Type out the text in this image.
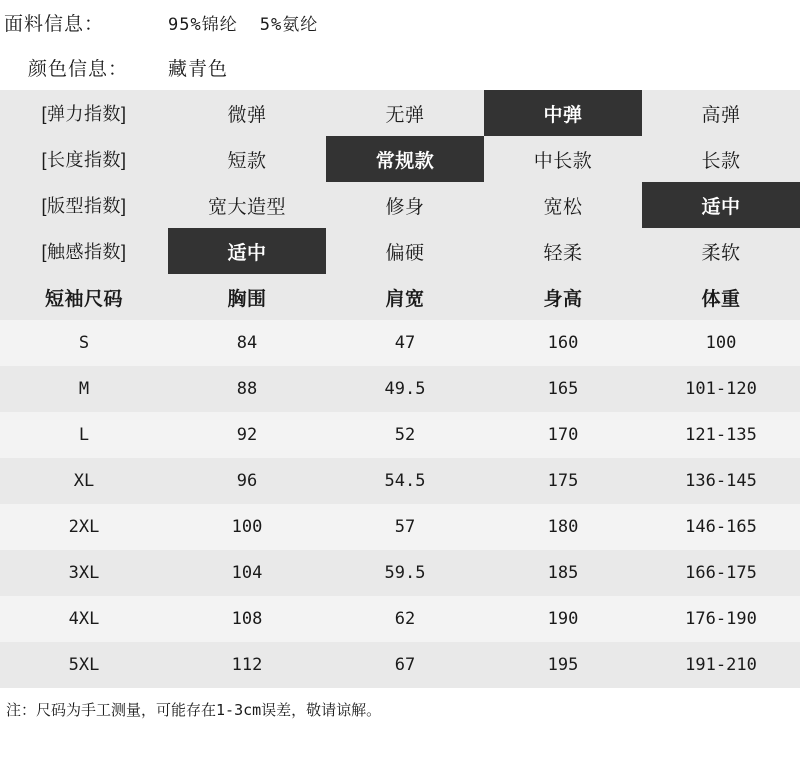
面料信息：	95%锦纶 5%氨纶
颜色信息：	藏青色
[弹力指数]	微弹	无弹	中弹	高弹
[长度指数]	短款	常规款	中长款	长款
[版型指数]	宽大造型	修身	宽松	适中
[触感指数]	适中	偏硬	轻柔	柔软
短袖尺码	胸围	肩宽	身高	体重
S	84	47	160	100
M	88	49.5	165	101-120
L	92	52	170	121-135
XL	96	54.5	175	136-145
2XL	100	57	180	146-165
3XL	104	59.5	185	166-175
4XL	108	62	190	176-190
5XL	112	67	195	191-210
注：尺码为手工测量，可能存在1-3cm误差，敬请谅解。
